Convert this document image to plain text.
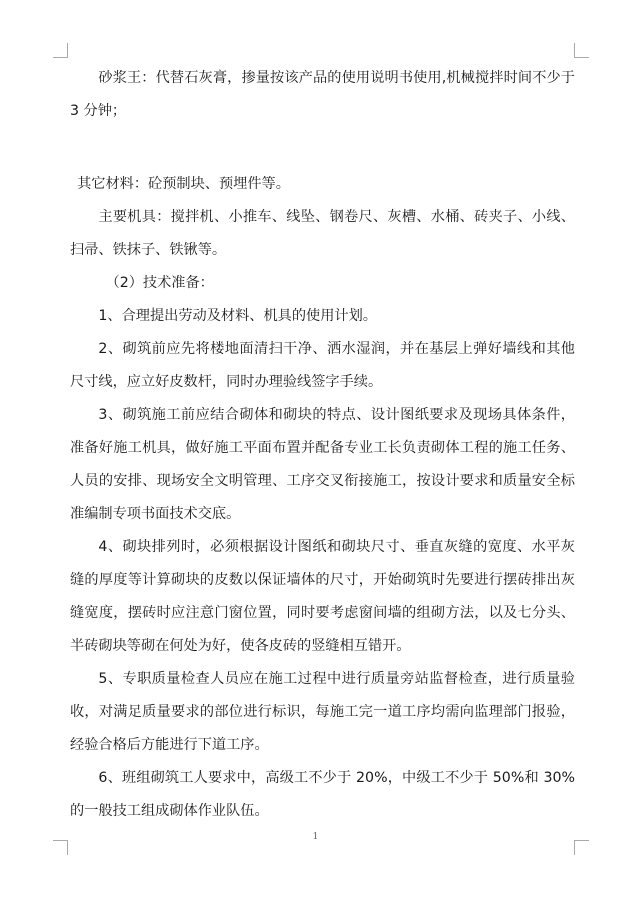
砂浆王：代替石灰膏，掺量按该产品的使用说明书使用,机械搅拌时间不少于 3 分钟；

其它材料：砼预制块、预埋件等。

主要机具：搅拌机、小推车、线坠、钢卷尺、灰槽、水桶、砖夹子、小线、扫帚、铁抹子、铁锹等。

（2）技术准备：

1、合理提出劳动及材料、机具的使用计划。

2、砌筑前应先将楼地面清扫干净、洒水湿润，并在基层上弹好墙线和其他尺寸线，应立好皮数杆，同时办理验线签字手续。

3、砌筑施工前应结合砌体和砌块的特点、设计图纸要求及现场具体条件，准备好施工机具，做好施工平面布置并配备专业工长负责砌体工程的施工任务、人员的安排、现场安全文明管理、工序交叉衔接施工，按设计要求和质量安全标准编制专项书面技术交底。

4、砌块排列时，必须根据设计图纸和砌块尺寸、垂直灰缝的宽度、水平灰缝的厚度等计算砌块的皮数以保证墙体的尺寸，开始砌筑时先要进行摆砖排出灰缝宽度，摆砖时应注意门窗位置，同时要考虑窗间墙的组砌方法，以及七分头、半砖砌块等砌在何处为好，使各皮砖的竖缝相互错开。

5、专职质量检查人员应在施工过程中进行质量旁站监督检查，进行质量验收，对满足质量要求的部位进行标识，每施工完一道工序均需向监理部门报验，经验合格后方能进行下道工序。

6、班组砌筑工人要求中，高级工不少于 20%，中级工不少于 50%和 30%的一般技工组成砌体作业队伍。

1
